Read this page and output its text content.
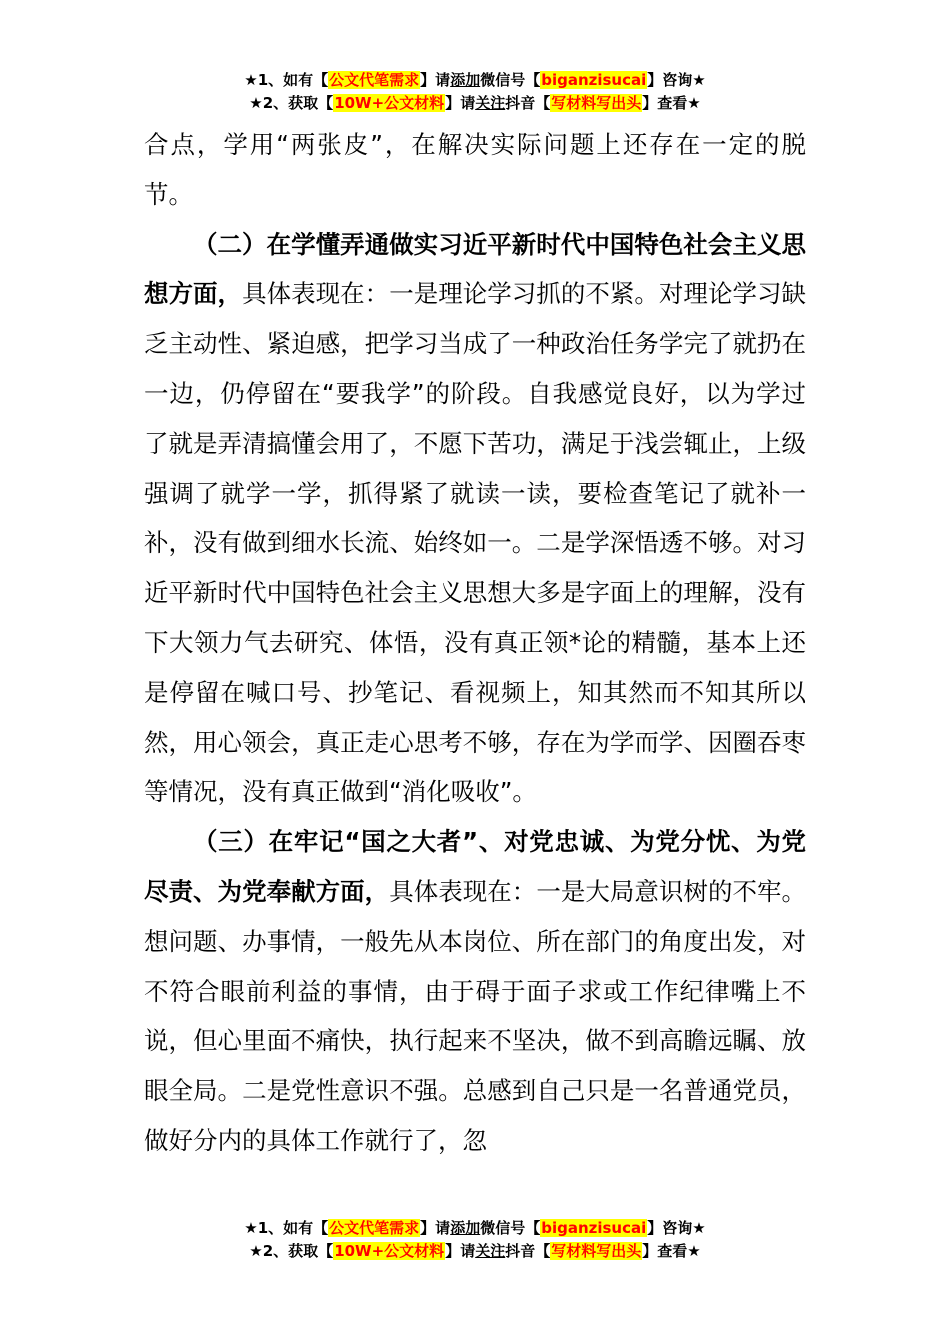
★1、如有【公文代笔需求】请添加微信号【biganzisucai】咨询★
★2、获取【10W+公文材料】请关注抖音【写材料写出头】查看★

合点，学用“两张皮”，在解决实际问题上还存在一定的脱节。

（二）在学懂弄通做实习近平新时代中国特色社会主义思想方面，具体表现在：一是理论学习抓的不紧。对理论学习缺乏主动性、紧迫感，把学习当成了一种政治任务学完了就扔在一边，仍停留在“要我学”的阶段。自我感觉良好，以为学过了就是弄清搞懂会用了，不愿下苦功，满足于浅尝辄止，上级强调了就学一学，抓得紧了就读一读，要检查笔记了就补一补，没有做到细水长流、始终如一。二是学深悟透不够。对习近平新时代中国特色社会主义思想大多是字面上的理解，没有下大领力气去研究、体悟，没有真正领*论的精髓，基本上还是停留在喊口号、抄笔记、看视频上，知其然而不知其所以然，用心领会，真正走心思考不够，存在为学而学、因圈吞枣等情况，没有真正做到“消化吸收”。

（三）在牢记“国之大者”、对党忠诚、为党分忧、为党尽责、为党奉献方面，具体表现在：一是大局意识树的不牢。想问题、办事情，一般先从本岗位、所在部门的角度出发，对不符合眼前利益的事情，由于碍于面子求或工作纪律嘴上不说，但心里面不痛快，执行起来不坚决，做不到高瞻远瞩、放眼全局。二是党性意识不强。总感到自己只是一名普通党员，做好分内的具体工作就行了，忽

★1、如有【公文代笔需求】请添加微信号【biganzisucai】咨询★
★2、获取【10W+公文材料】请关注抖音【写材料写出头】查看★
